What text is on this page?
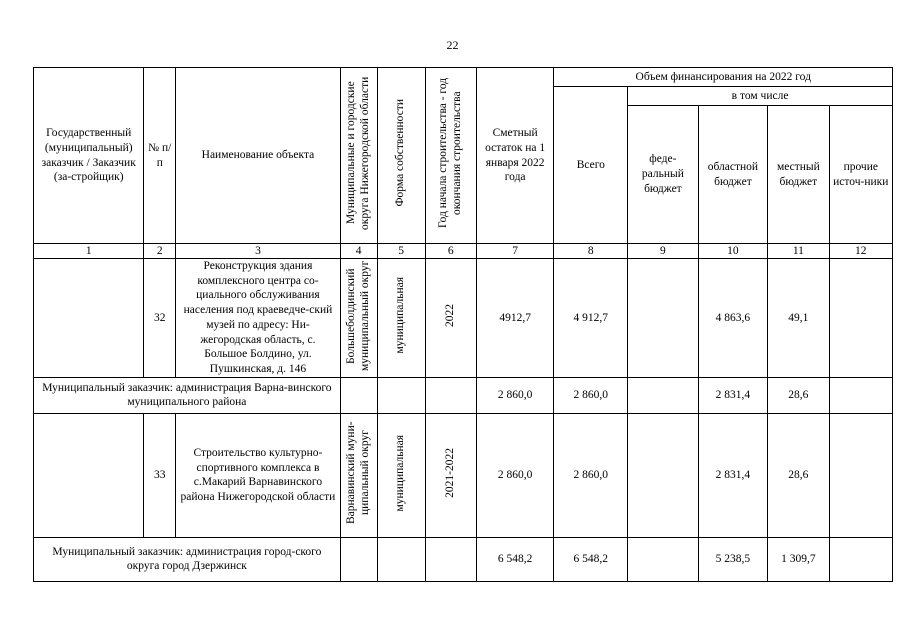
22
Государственный (муниципальный) заказчик / Заказчик (за-стройщик)	№ п/п	Наименование объекта	Муниципальные и городские округа Нижегородской области	Форма собственности	Год начала строительства - год окончания строительства	Сметный остаток на 1 января 2022 года	Объем финансирования на 2022 год				
							Всего	в том числе			
								феде-ральный бюджет	областной бюджет	местный бюджет	прочие источ-ники
1	2	3	4	5	6	7	8	9	10	11	12
	32	Реконструкция здания комплексного центра со-циального обслуживания населения под краеведче-ский музей по адресу: Ни-жегородская область, с. Большое Болдино, ул. Пушкинская, д. 146	Большеболдинский муниципальный округ	муниципальная	2022	4912,7	4 912,7		4 863,6	49,1	
Муниципальный заказчик: администрация Варна-винского муниципального района						2 860,0	2 860,0		2 831,4	28,6	
	33	Строительство культурно-спортивного комплекса в с.Макарий Варнавинского района Нижегородской области	Варнавинский муни-ципальный округ	муниципальная	2021-2022	2 860,0	2 860,0		2 831,4	28,6	
Муниципальный заказчик: администрация город-ского округа город Дзержинск						6 548,2	6 548,2		5 238,5	1 309,7	
